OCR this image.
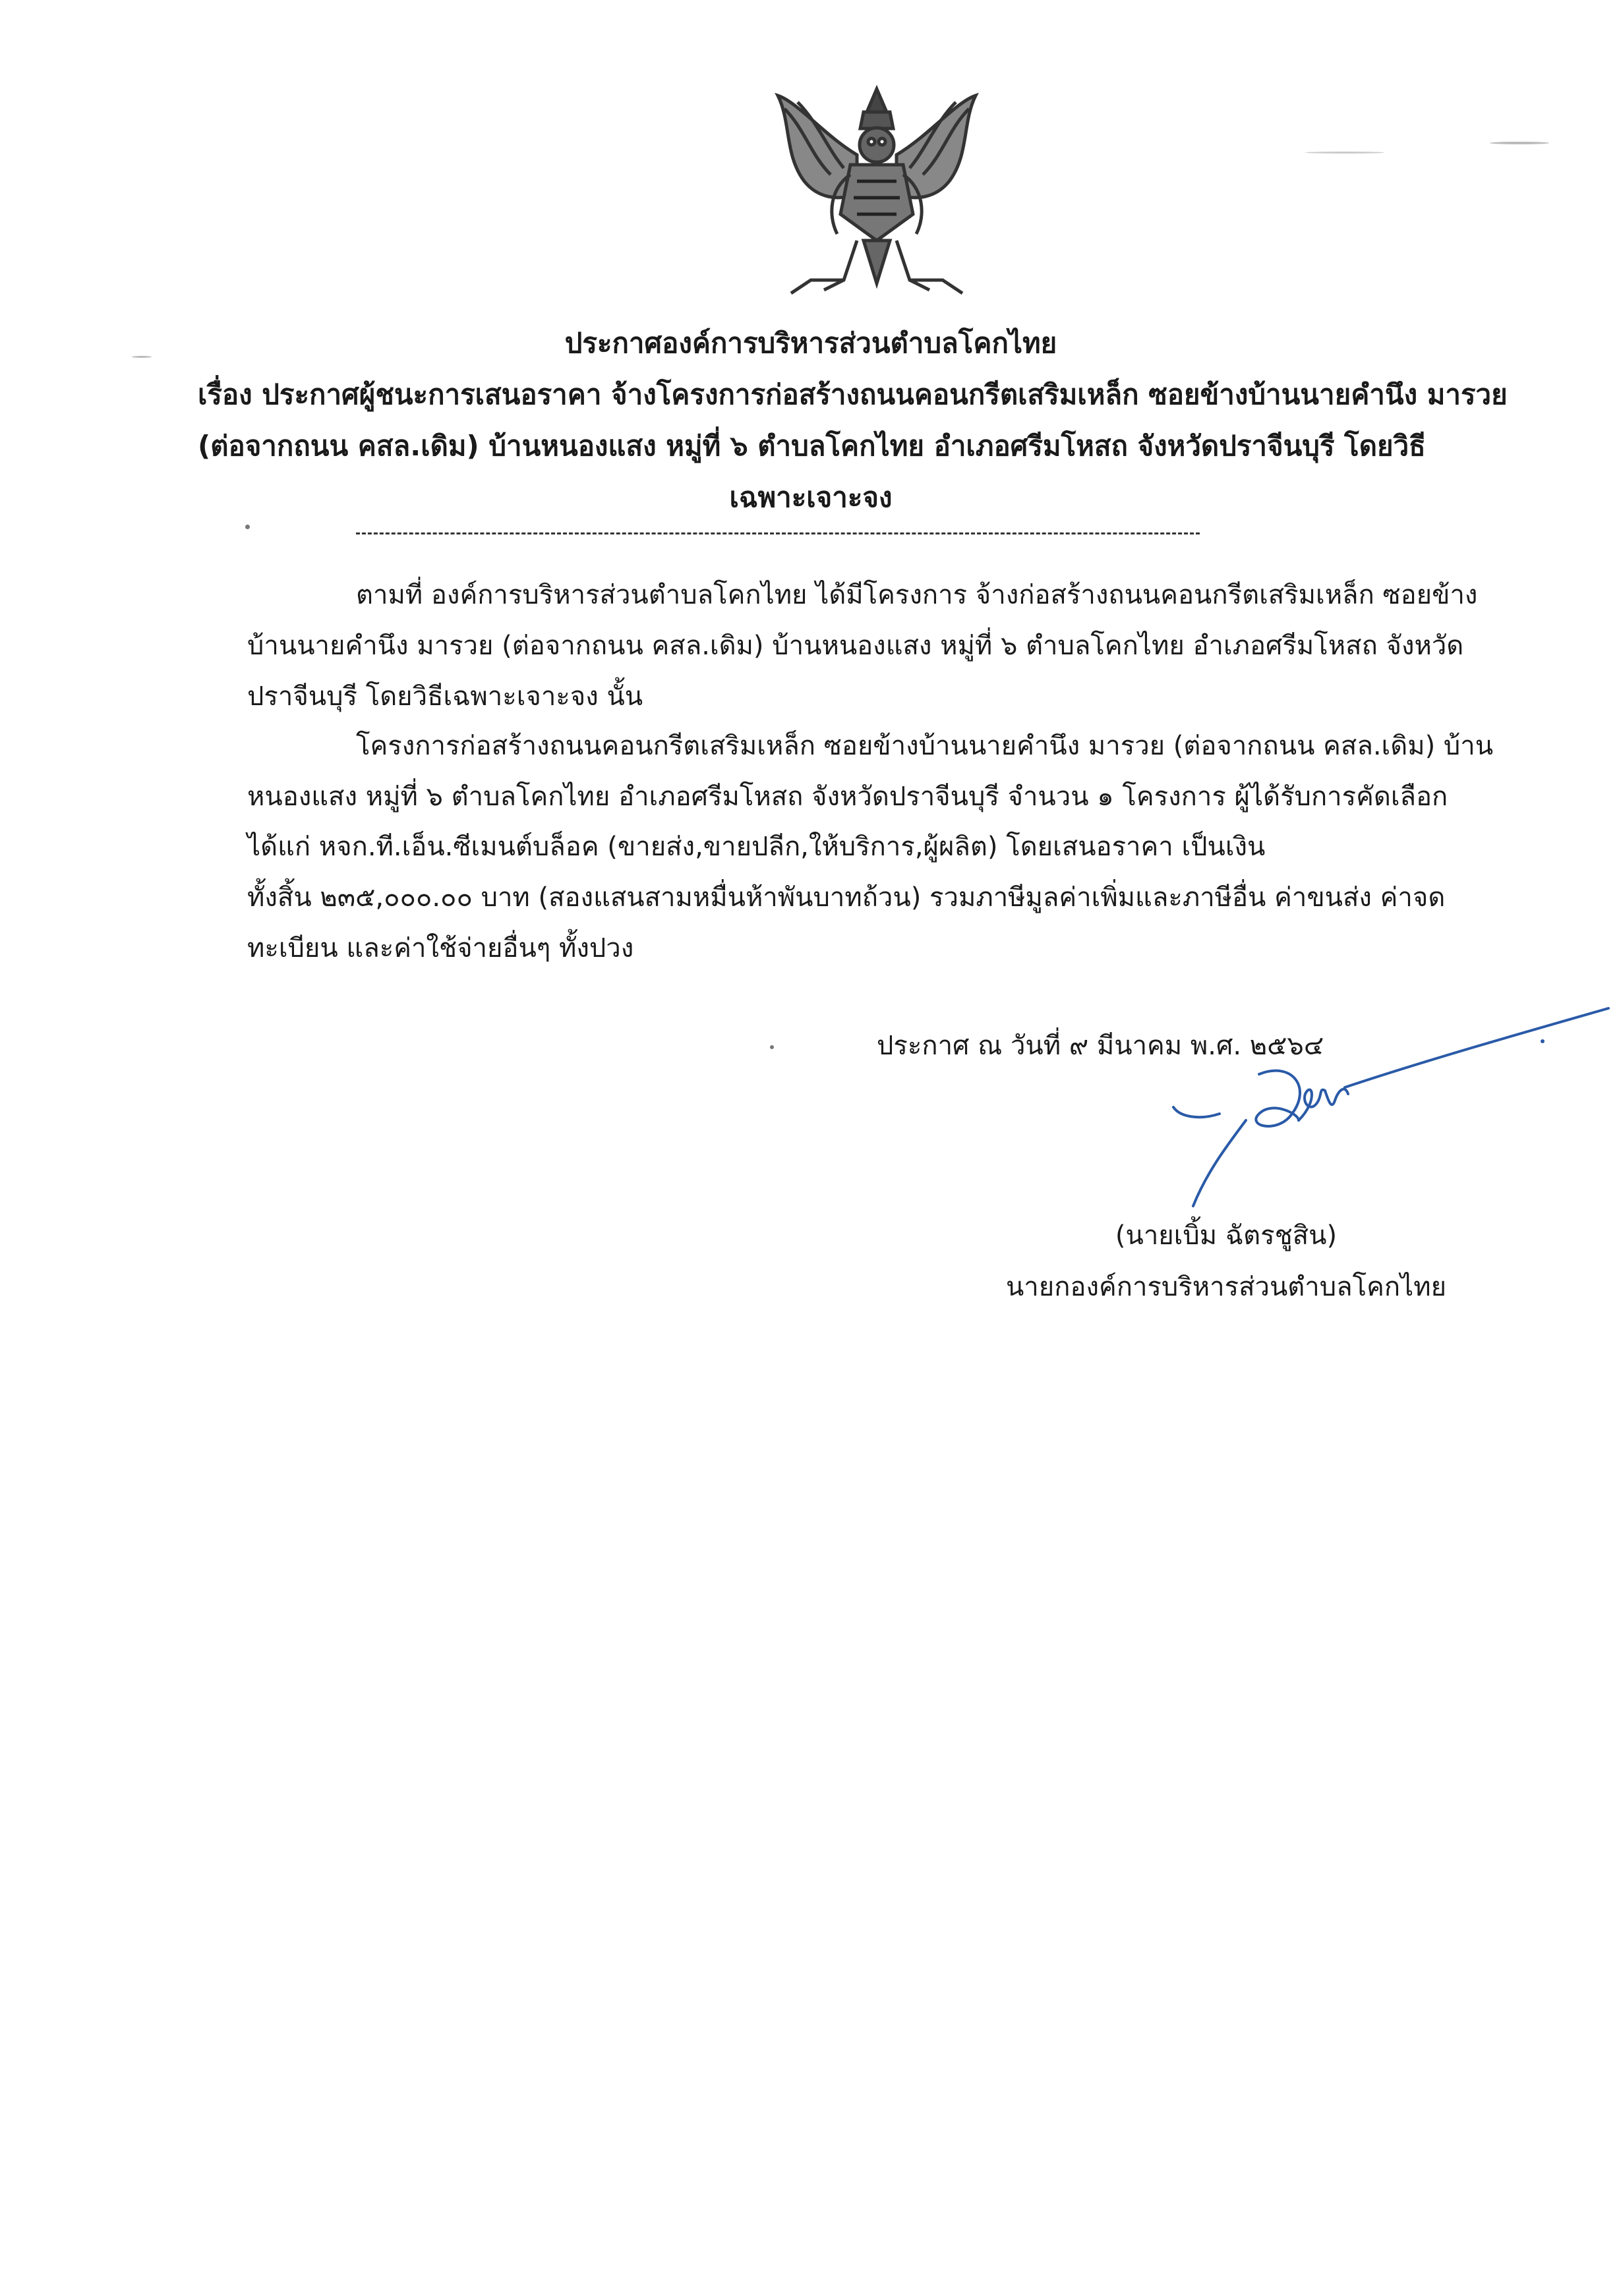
ประกาศองค์การบริหารส่วนตำบลโคกไทย
เรื่อง ประกาศผู้ชนะการเสนอราคา จ้างโครงการก่อสร้างถนนคอนกรีตเสริมเหล็ก ซอยข้างบ้านนายคำนึง มารวย
(ต่อจากถนน คสล.เดิม) บ้านหนองแสง หมู่ที่ ๖ ตำบลโคกไทย อำเภอศรีมโหสถ จังหวัดปราจีนบุรี โดยวิธี
เฉพาะเจาะจง
ตามที่ องค์การบริหารส่วนตำบลโคกไทย ได้มีโครงการ จ้างก่อสร้างถนนคอนกรีตเสริมเหล็ก ซอยข้าง
บ้านนายคำนึง มารวย (ต่อจากถนน คสล.เดิม) บ้านหนองแสง หมู่ที่ ๖ ตำบลโคกไทย อำเภอศรีมโหสถ จังหวัด
ปราจีนบุรี โดยวิธีเฉพาะเจาะจง นั้น
โครงการก่อสร้างถนนคอนกรีตเสริมเหล็ก ซอยข้างบ้านนายคำนึง มารวย (ต่อจากถนน คสล.เดิม) บ้าน
หนองแสง หมู่ที่ ๖ ตำบลโคกไทย อำเภอศรีมโหสถ จังหวัดปราจีนบุรี จำนวน ๑ โครงการ ผู้ได้รับการคัดเลือก
ได้แก่ หจก.ที.เอ็น.ซีเมนต์บล็อค (ขายส่ง,ขายปลีก,ให้บริการ,ผู้ผลิต) โดยเสนอราคา เป็นเงิน
ทั้งสิ้น ๒๓๕,๐๐๐.๐๐ บาท (สองแสนสามหมื่นห้าพันบาทถ้วน) รวมภาษีมูลค่าเพิ่มและภาษีอื่น ค่าขนส่ง ค่าจด
ทะเบียน และค่าใช้จ่ายอื่นๆ ทั้งปวง
ประกาศ ณ วันที่ ๙ มีนาคม พ.ศ. ๒๕๖๔
(นายเบิ้ม ฉัตรชูสิน)
นายกองค์การบริหารส่วนตำบลโคกไทย
